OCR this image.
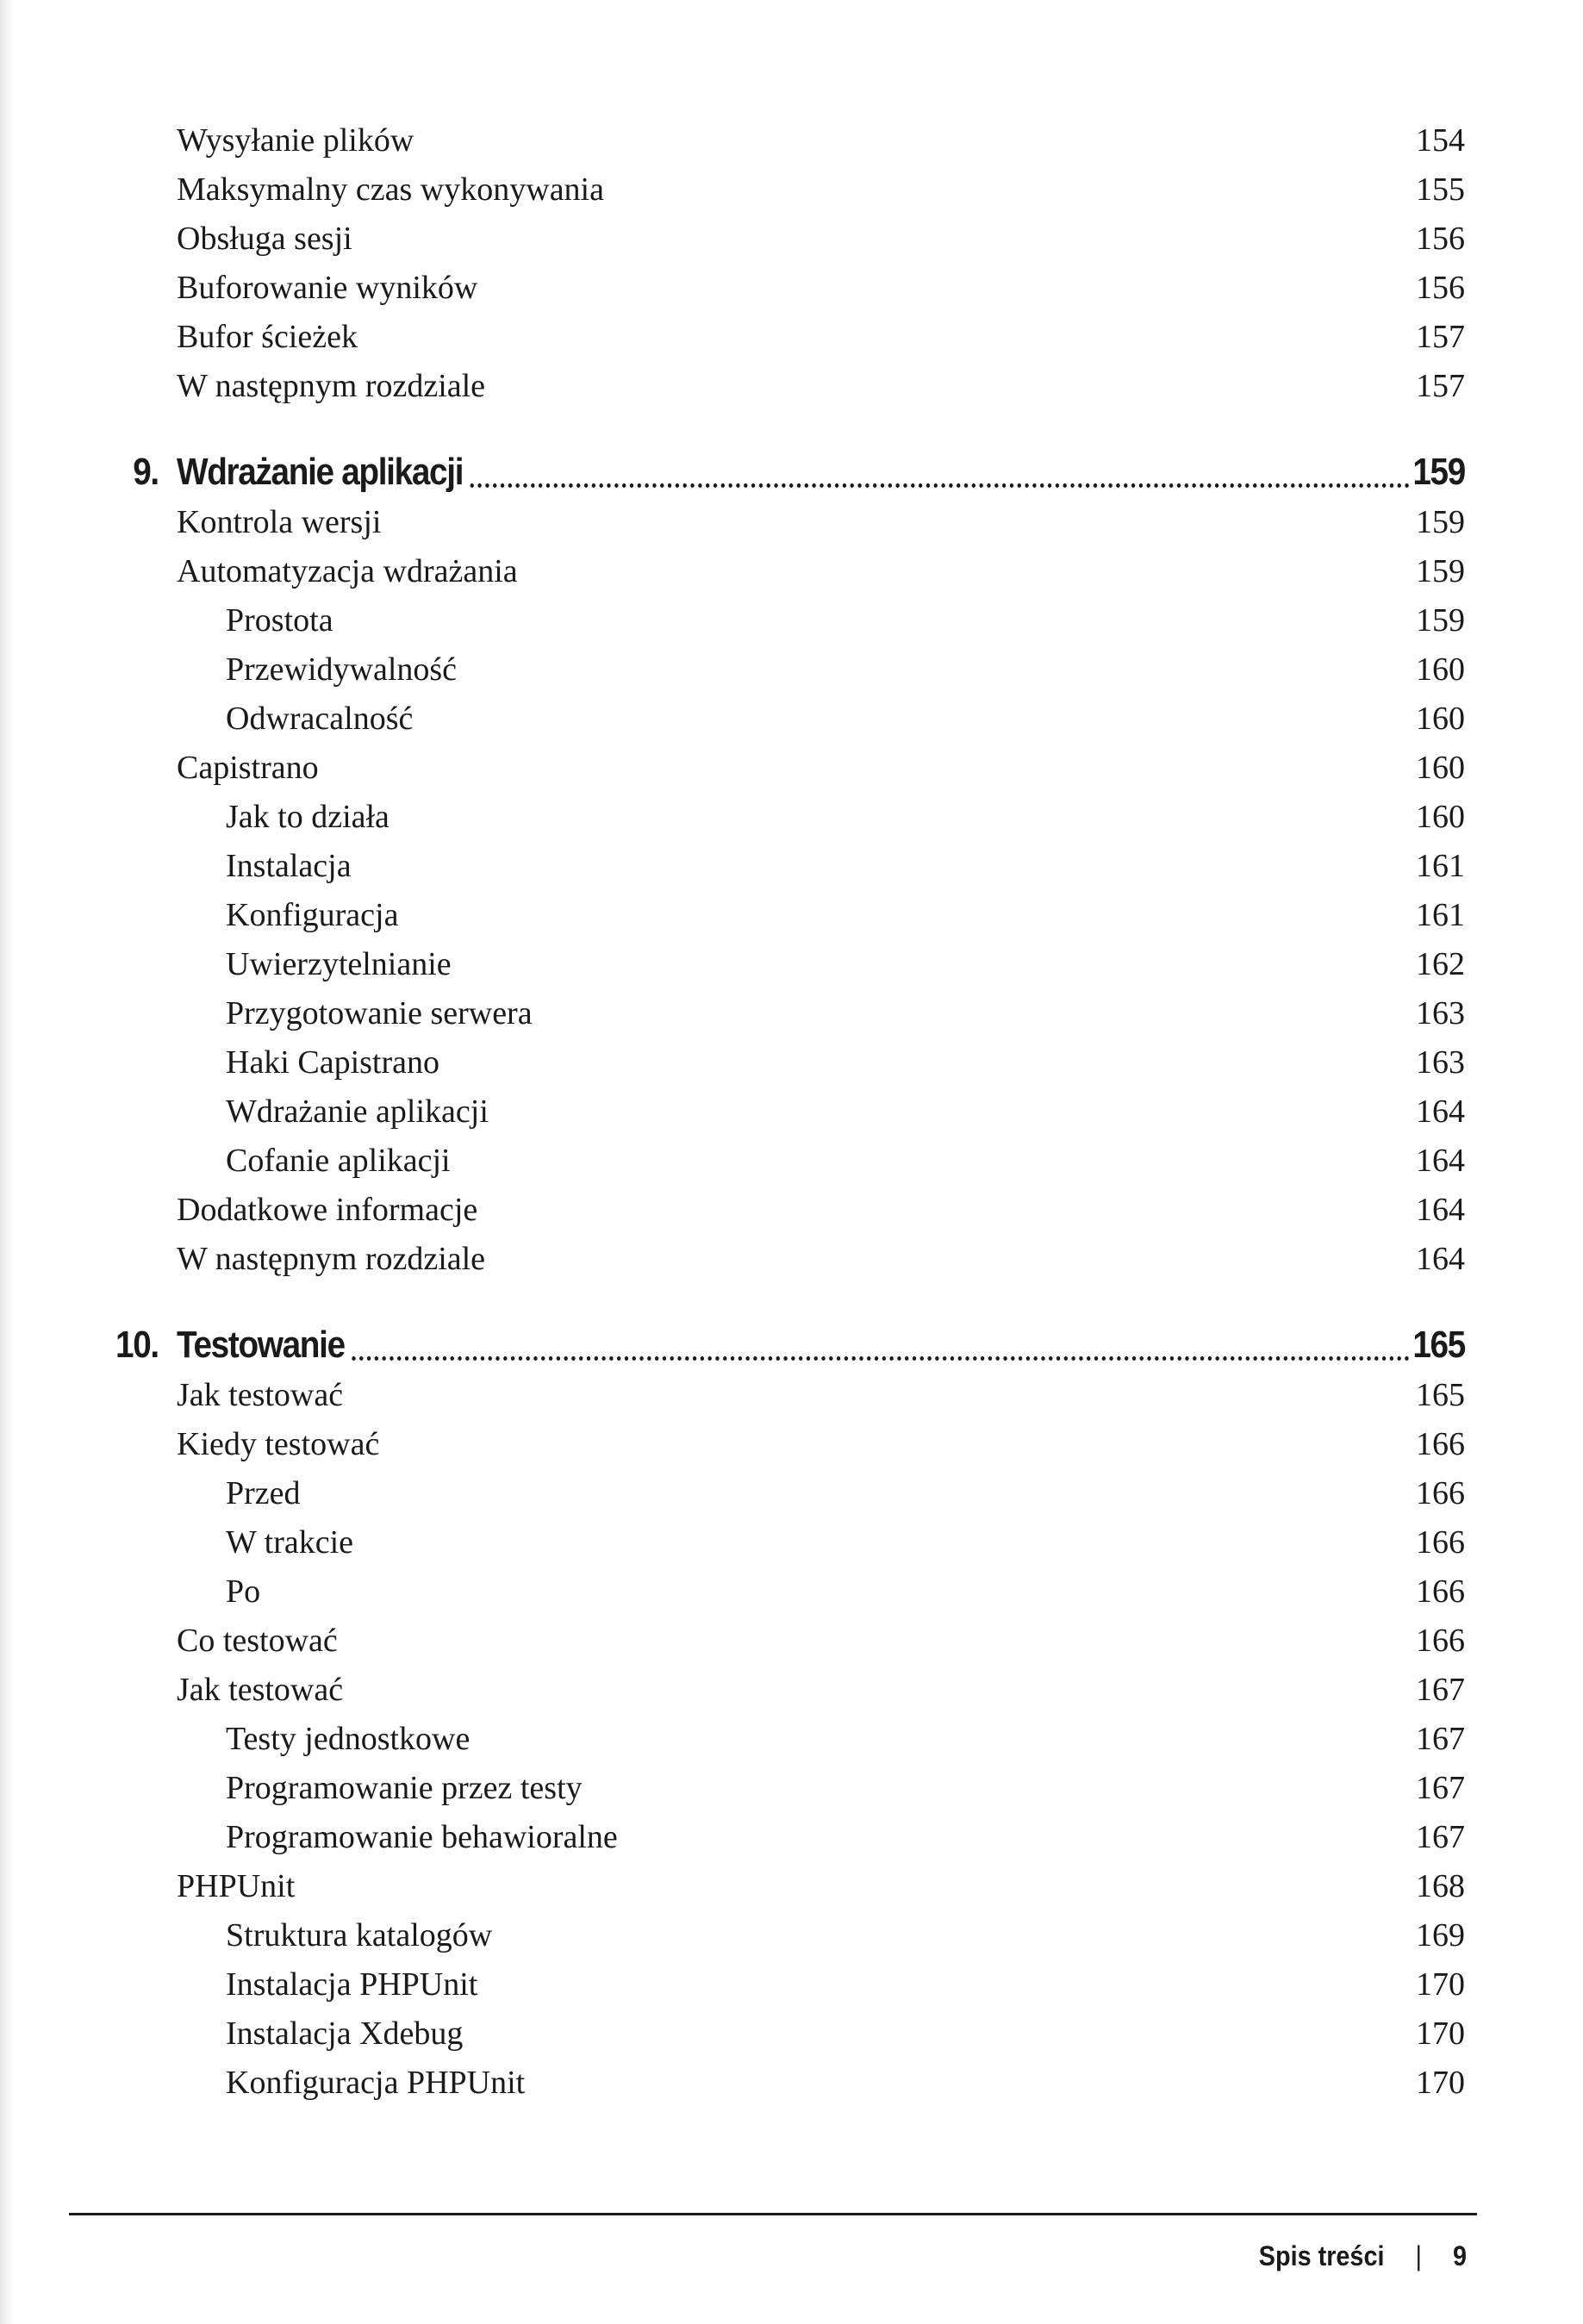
Wysyłanie plików	154
Maksymalny czas wykonywania	155
Obsługa sesji	156
Buforowanie wyników	156
Bufor ścieżek	157
W następnym rozdziale	157
9. Wdrażanie aplikacji	159
Kontrola wersji	159
Automatyzacja wdrażania	159
Prostota	159
Przewidywalność	160
Odwracalność	160
Capistrano	160
Jak to działa	160
Instalacja	161
Konfiguracja	161
Uwierzytelnianie	162
Przygotowanie serwera	163
Haki Capistrano	163
Wdrażanie aplikacji	164
Cofanie aplikacji	164
Dodatkowe informacje	164
W następnym rozdziale	164
10. Testowanie	165
Jak testować	165
Kiedy testować	166
Przed	166
W trakcie	166
Po	166
Co testować	166
Jak testować	167
Testy jednostkowe	167
Programowanie przez testy	167
Programowanie behawioralne	167
PHPUnit	168
Struktura katalogów	169
Instalacja PHPUnit	170
Instalacja Xdebug	170
Konfiguracja PHPUnit	170
Spis treści | 9
